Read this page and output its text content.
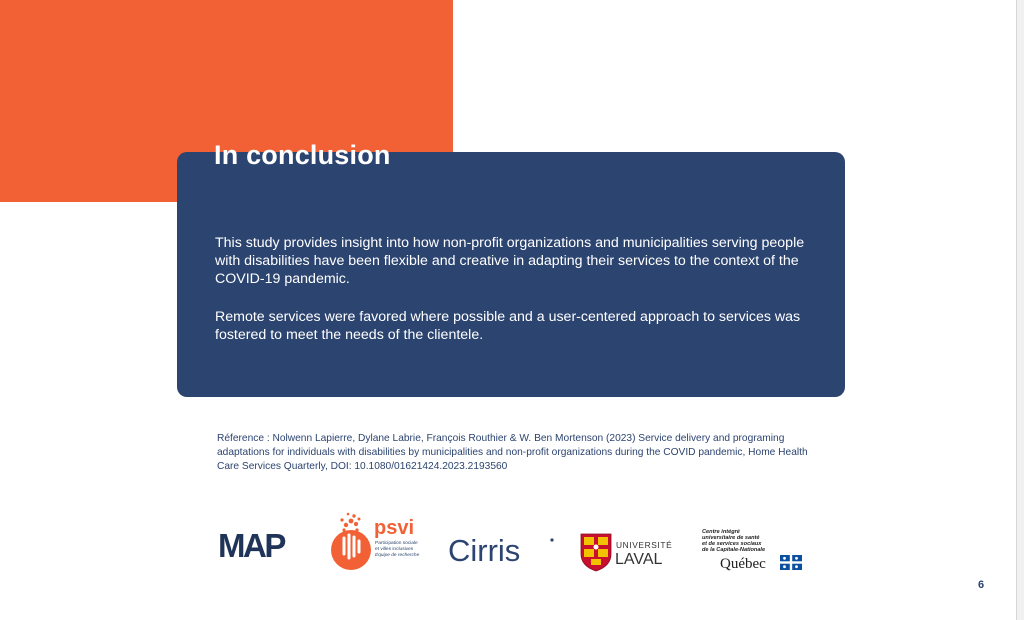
This study provides insight into how non-profit organizations and municipalities serving people with disabilities have been flexible and creative in adapting their services to the context of the COVID-19 pandemic.

Remote services were favored where possible and a user-centered approach to services was fostered to meet the needs of the clientele.

In conclusion

Réference : Nolwenn Lapierre, Dylane Labrie, François Routhier & W. Ben Mortenson (2023) Service delivery and programing adaptations for individuals with disabilities by municipalities and non-profit organizations during the COVID pandemic, Home Health Care Services Quarterly, DOI: 10.1080/01621424.2023.2193560

MAP	psvi
Participation sociale
et villes inclusives
Équipe de recherche Cirris	UNIVERSITÉ
LAVAL
Centre intégré
universitaire de santé
et de services sociaux
de la Capitale-Nationale
Québec

6
